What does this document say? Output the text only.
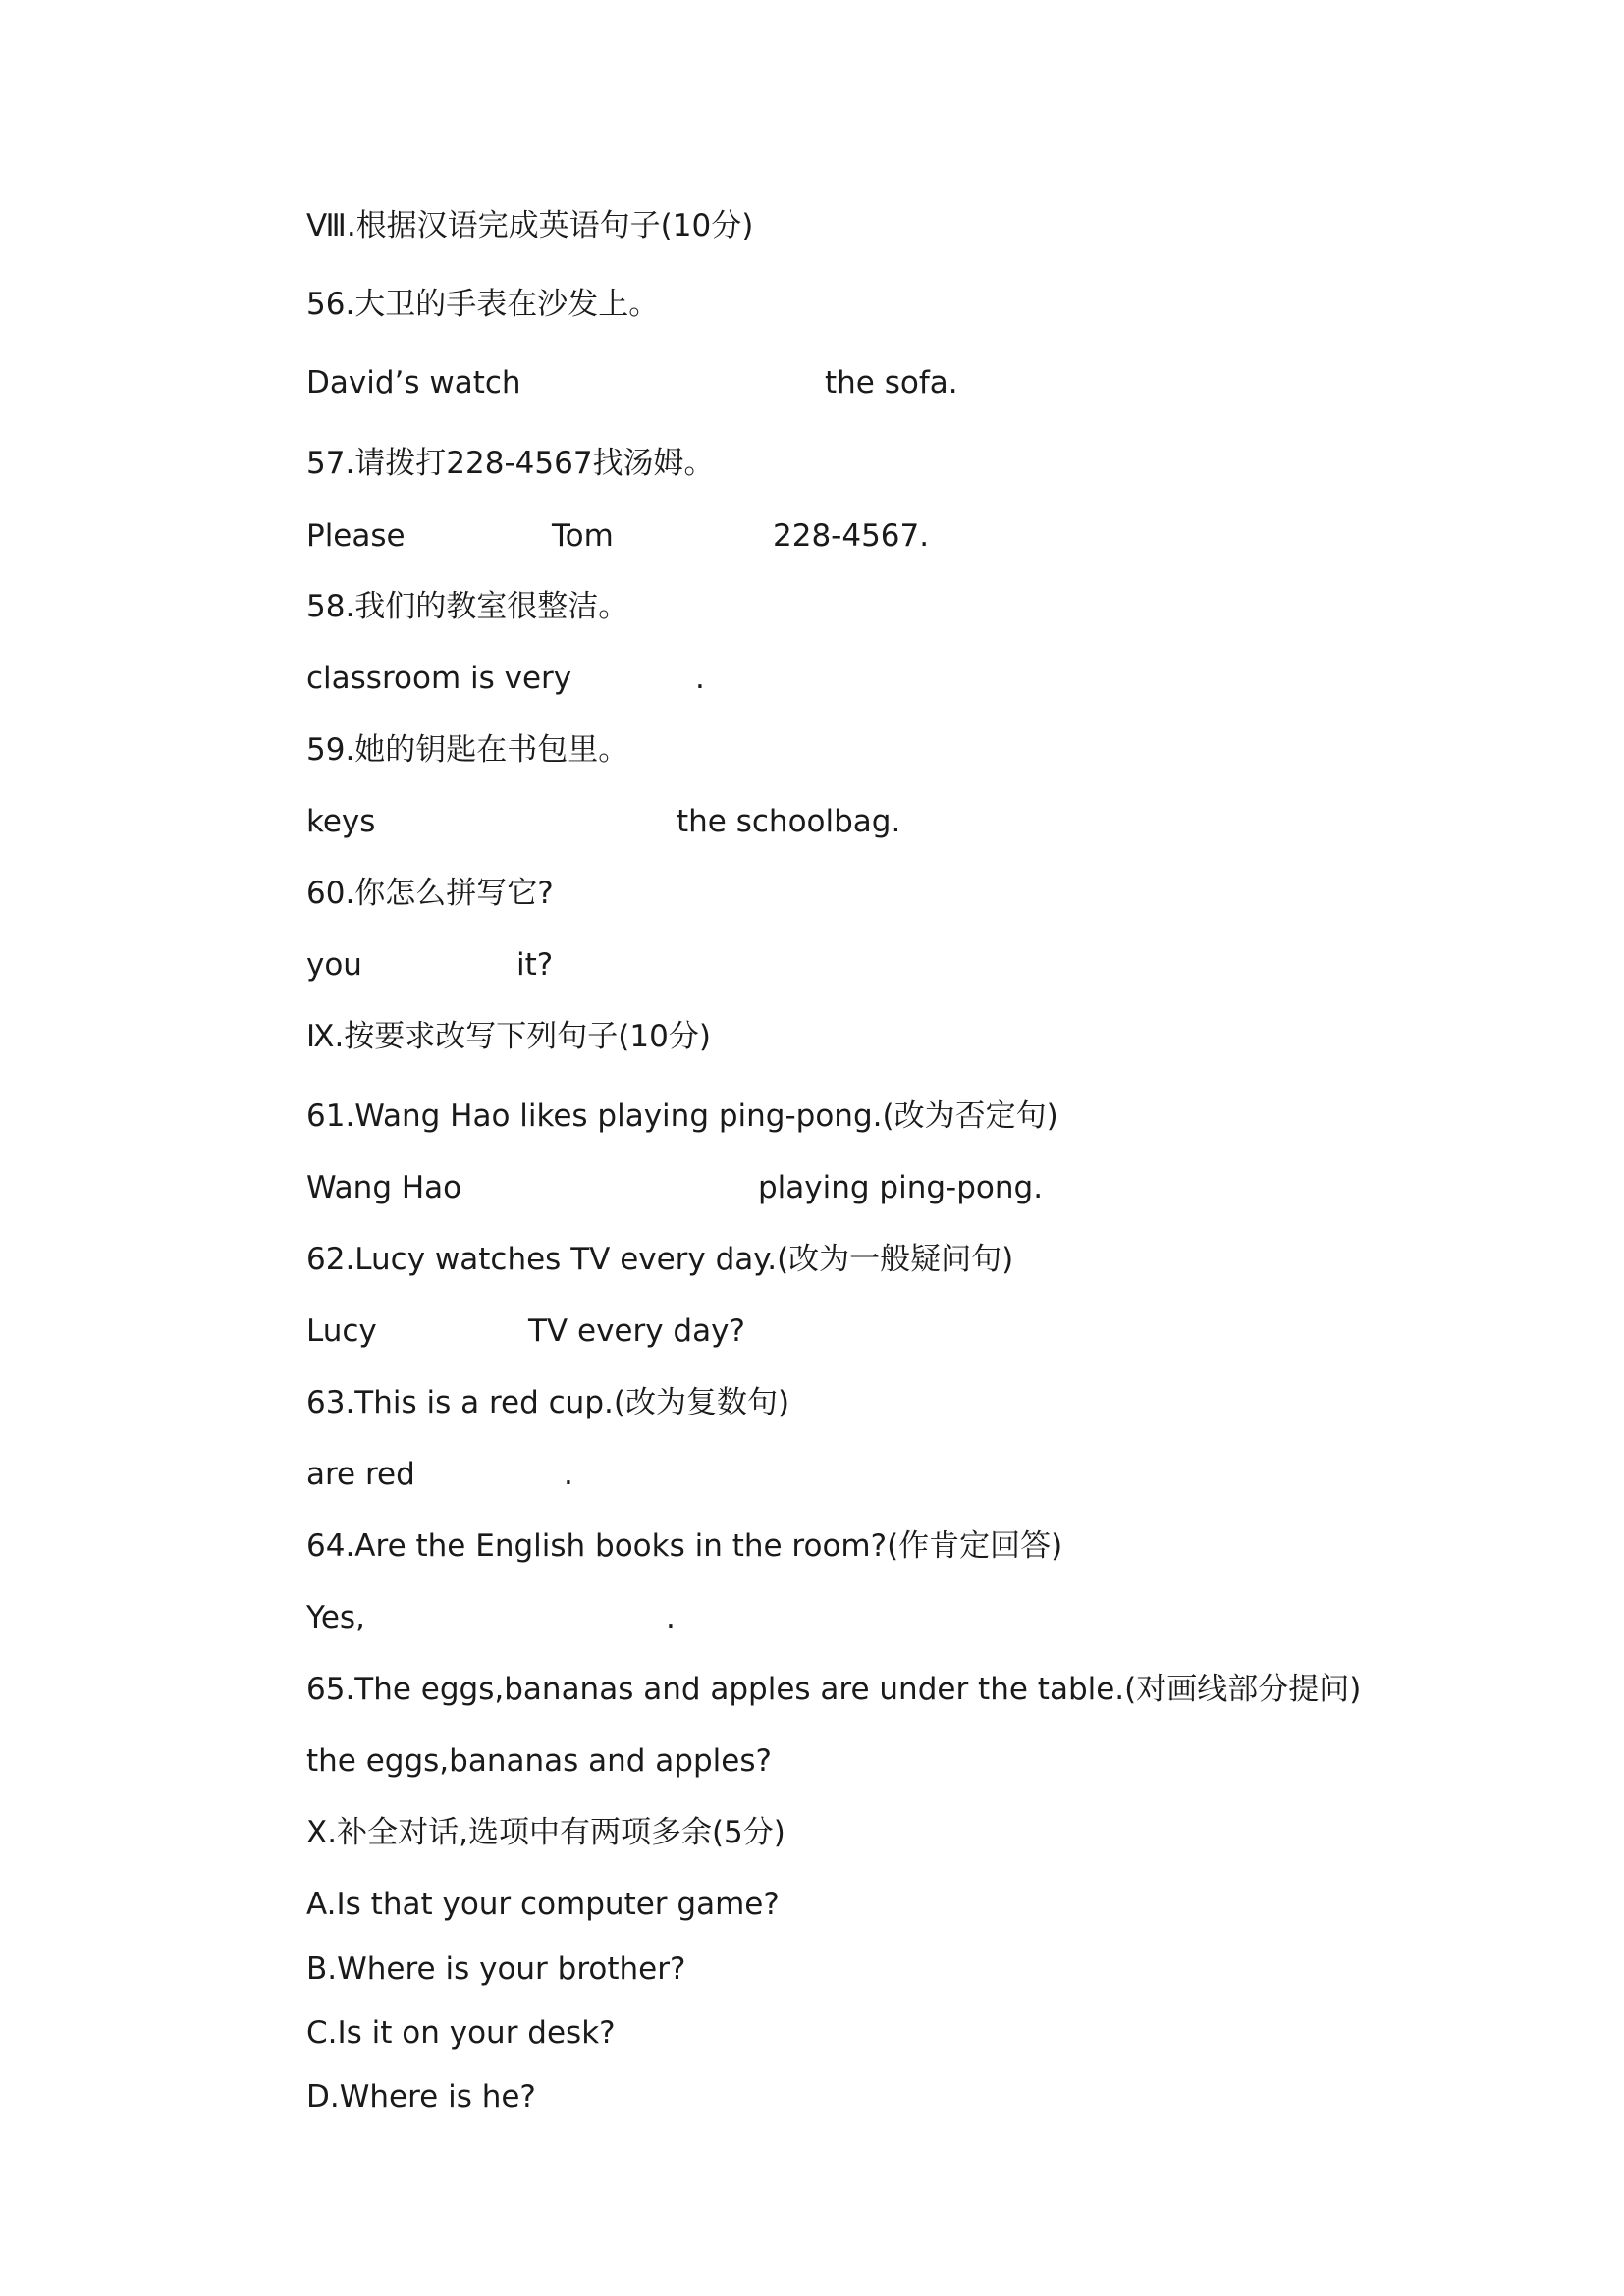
Ⅷ.根据汉语完成英语句子(10分)
56.大卫的手表在沙发上。
David’s watch	the sofa.
57.请拨打228-4567找汤姆。
Please	Tom	228-4567.
58.我们的教室很整洁。
classroom is very	.
59.她的钥匙在书包里。
keys	the schoolbag.
60.你怎么拼写它?
you	it?
Ⅸ.按要求改写下列句子(10分)
61.Wang Hao likes playing ping-pong.(改为否定句)
Wang Hao	playing ping-pong.
62.Lucy watches TV every day.(改为一般疑问句)
Lucy	TV every day?
63.This is a red cup.(改为复数句)
are red	.
64.Are the English books in the room?(作肯定回答)
Yes,	.
65.The eggs,bananas and apples are under the table.(对画线部分提问)
the eggs,bananas and apples?
Ⅹ.补全对话,选项中有两项多余(5分)
A.Is that your computer game?
B.Where is your brother?
C.Is it on your desk?
D.Where is he?
